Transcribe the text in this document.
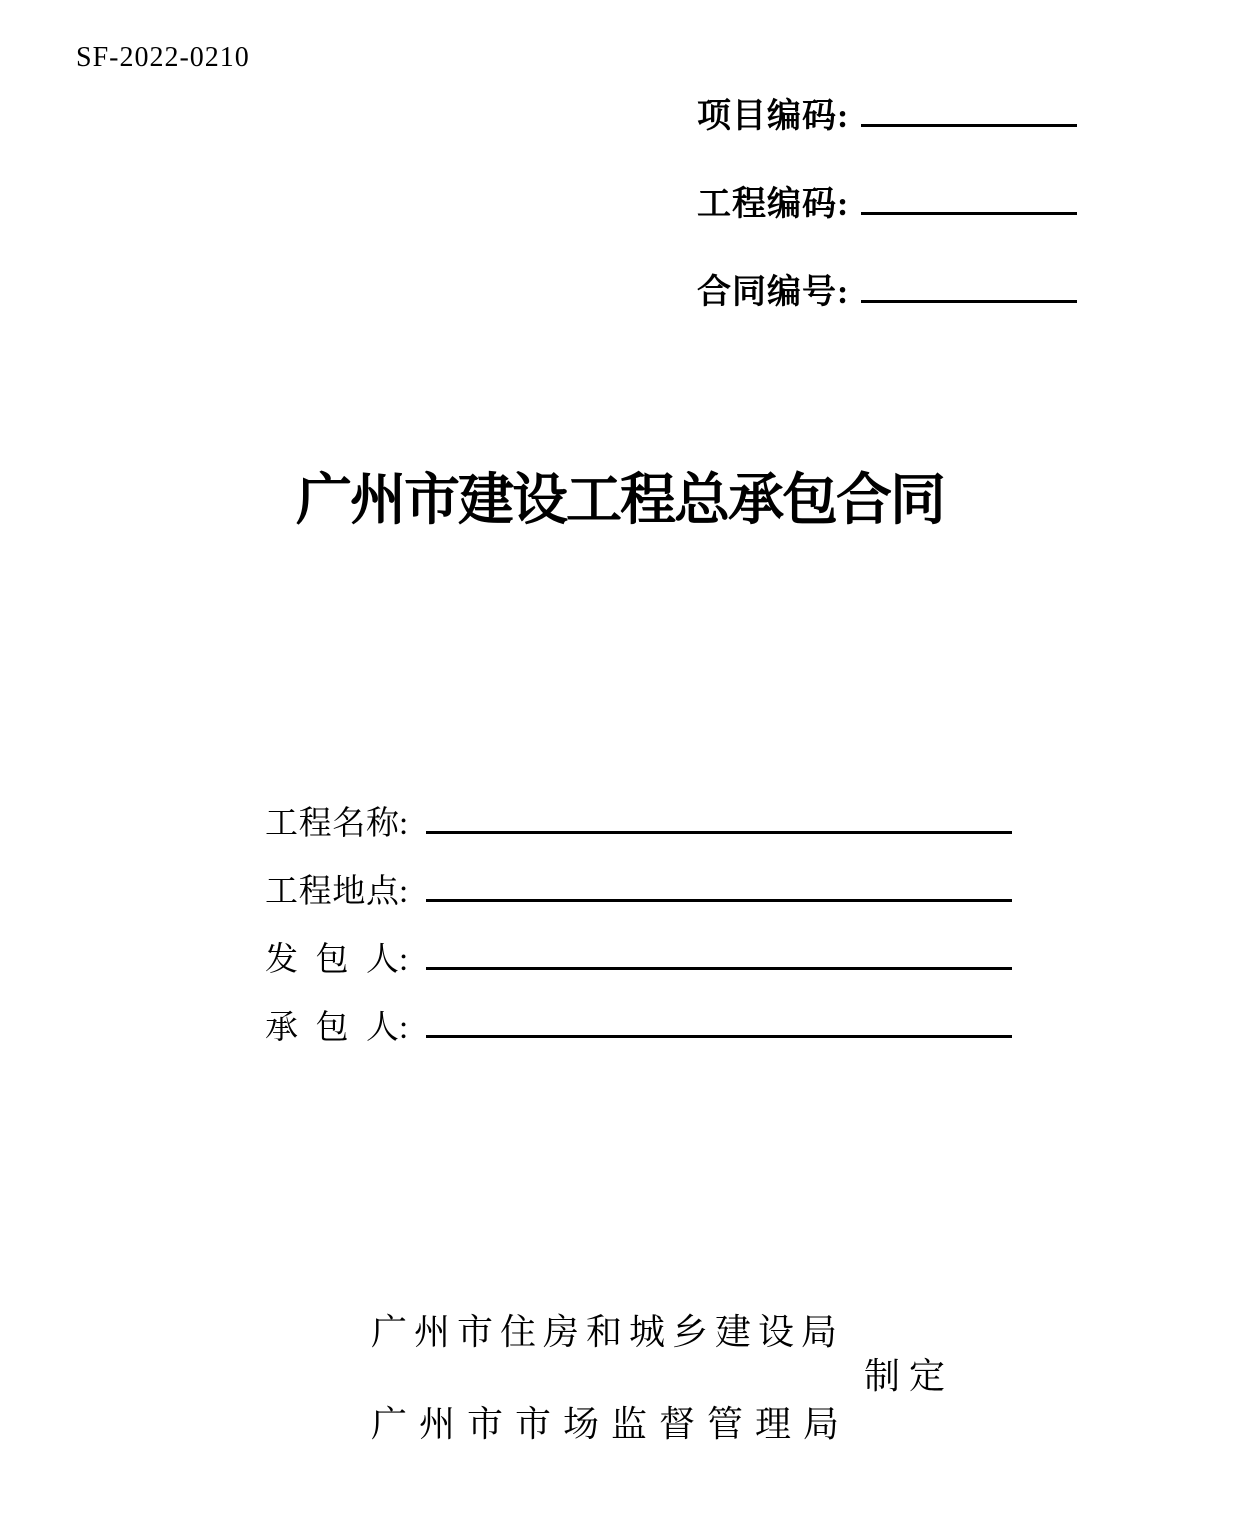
SF-2022-0210
项目编码:
工程编码:
合同编号:
广州市建设工程总承包合同
工程名称:
工程地点:
发包人:
承包人:
广州市住房和城乡建设局
制定
广州市市场监督管理局
